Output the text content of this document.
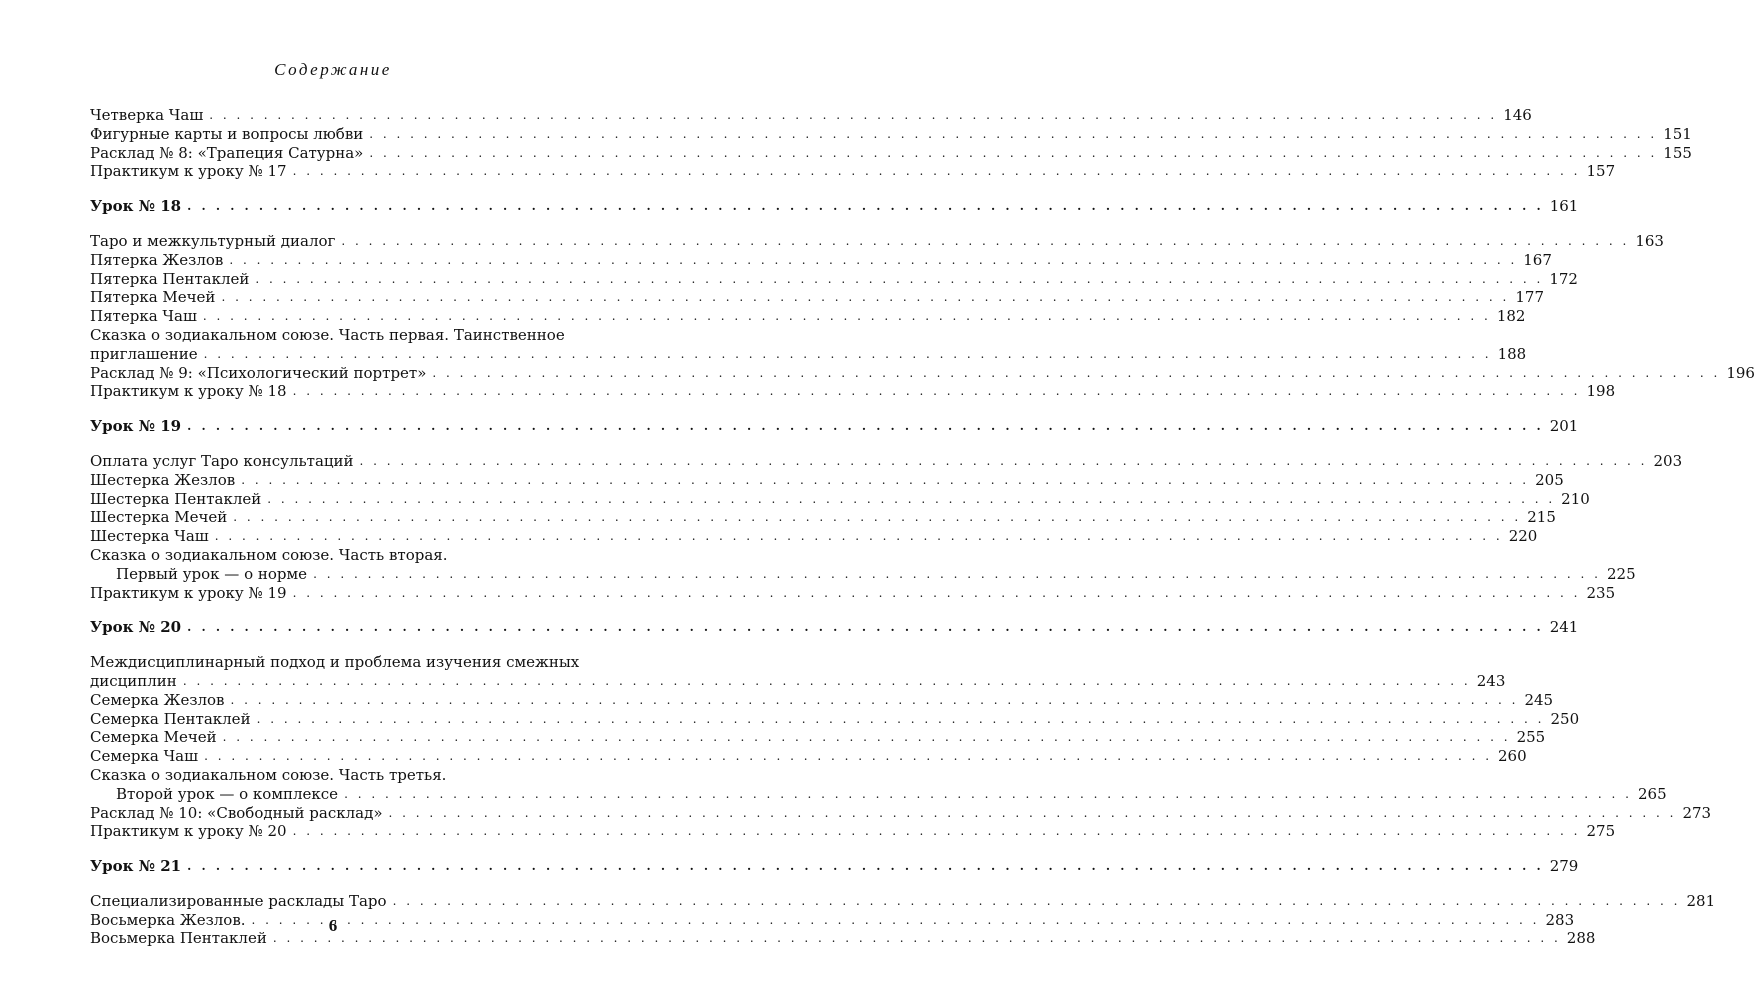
Содержание
Четверка Чаш . . .	146
Фигурные карты и вопросы любви . . .	151
Расклад № 8: «Трапеция Сатурна» . . .	155
Практикум к уроку № 17 . . .	157
Урок № 18 . . .	161
Таро и межкультурный диалог . . .	163
Пятерка Жезлов . . .	167
Пятерка Пентаклей . . .	172
Пятерка Мечей . . .	177
Пятерка Чаш . . .	182
Сказка о зодиакальном союзе. Часть первая. Таинственное
приглашение . . .	188
Расклад № 9: «Психологический портрет» . . .	196
Практикум к уроку № 18 . . .	198
Урок № 19 . . .	201
Оплата услуг Таро консультаций . . .	203
Шестерка Жезлов . . .	205
Шестерка Пентаклей . . .	210
Шестерка Мечей . . .	215
Шестерка Чаш . . .	220
Сказка о зодиакальном союзе. Часть вторая.
Первый урок — о норме . . .	225
Практикум к уроку № 19 . . .	235
Урок № 20 . . .	241
Междисциплинарный подход и проблема изучения смежных
дисциплин . . .	243
Семерка Жезлов . . .	245
Семерка Пентаклей . . .	250
Семерка Мечей . . .	255
Семерка Чаш . . .	260
Сказка о зодиакальном союзе. Часть третья.
Второй урок — о комплексе . . .	265
Расклад № 10: «Свободный расклад» . . .	273
Практикум к уроку № 20 . . .	275
Урок № 21 . . .	279
Специализированные расклады Таро . . .	281
Восьмерка Жезлов. . . .	283
Восьмерка Пентаклей . . .	288
6
